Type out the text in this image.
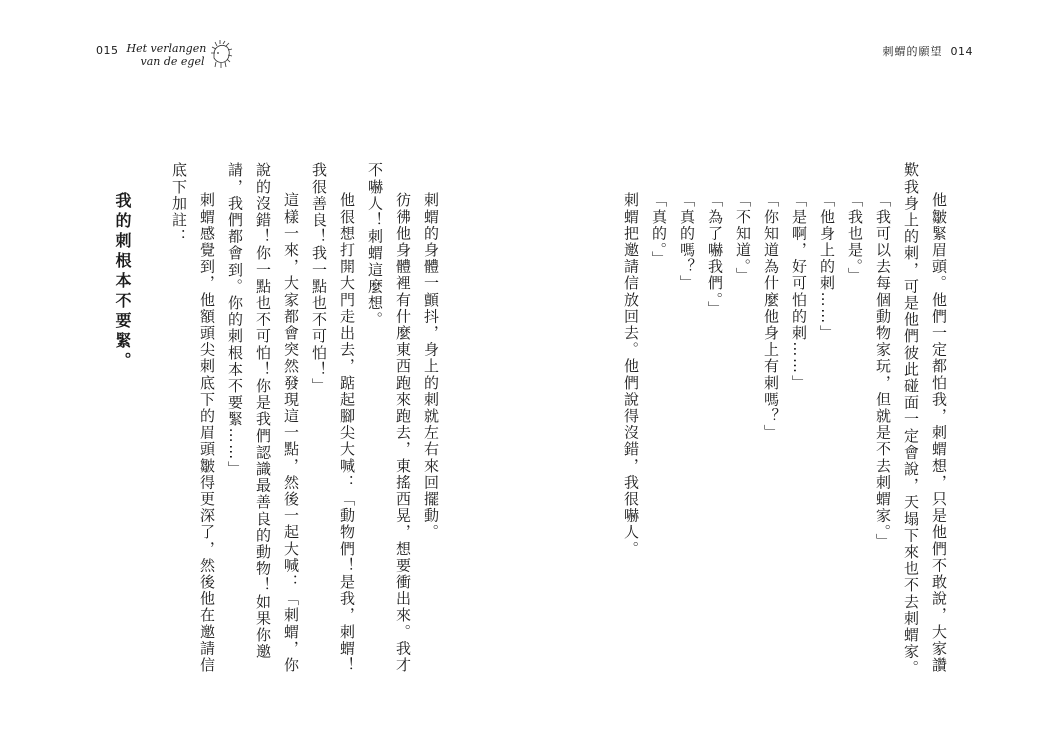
015 Het verlangen
van de egel
刺蝟的願望 014
他皺緊眉頭。他們一定都怕我，刺蝟想，只是他們不敢說，大家讚
歎我身上的刺，可是他們彼此碰面一定會說，天塌下來也不去刺蝟家。
「我可以去每個動物家玩，但就是不去刺蝟家。」
「我也是。」
「他身上的刺……」
「是啊，好可怕的刺……」
「你知道為什麼他身上有刺嗎？」
「不知道。」
「為了嚇我們。」
「真的嗎？」
「真的。」
刺蝟把邀請信放回去。他們說得沒錯，我很嚇人。
刺蝟的身體一顫抖，身上的刺就左右來回擺動。
彷彿他身體裡有什麼東西跑來跑去，東搖西晃，想要衝出來。我才
不嚇人！刺蝟這麼想。
他很想打開大門走出去，踮起腳尖大喊：「動物們！是我，刺蝟！
我很善良！我一點也不可怕！」
這樣一來，大家都會突然發現這一點，然後一起大喊：「刺蝟，你
說的沒錯！你一點也不可怕！你是我們認識最善良的動物！如果你邀
請，我們都會到。你的刺根本不要緊……」
刺蝟感覺到，他額頭尖刺底下的眉頭皺得更深了，然後他在邀請信
底下加註：
我的刺根本不要緊。
